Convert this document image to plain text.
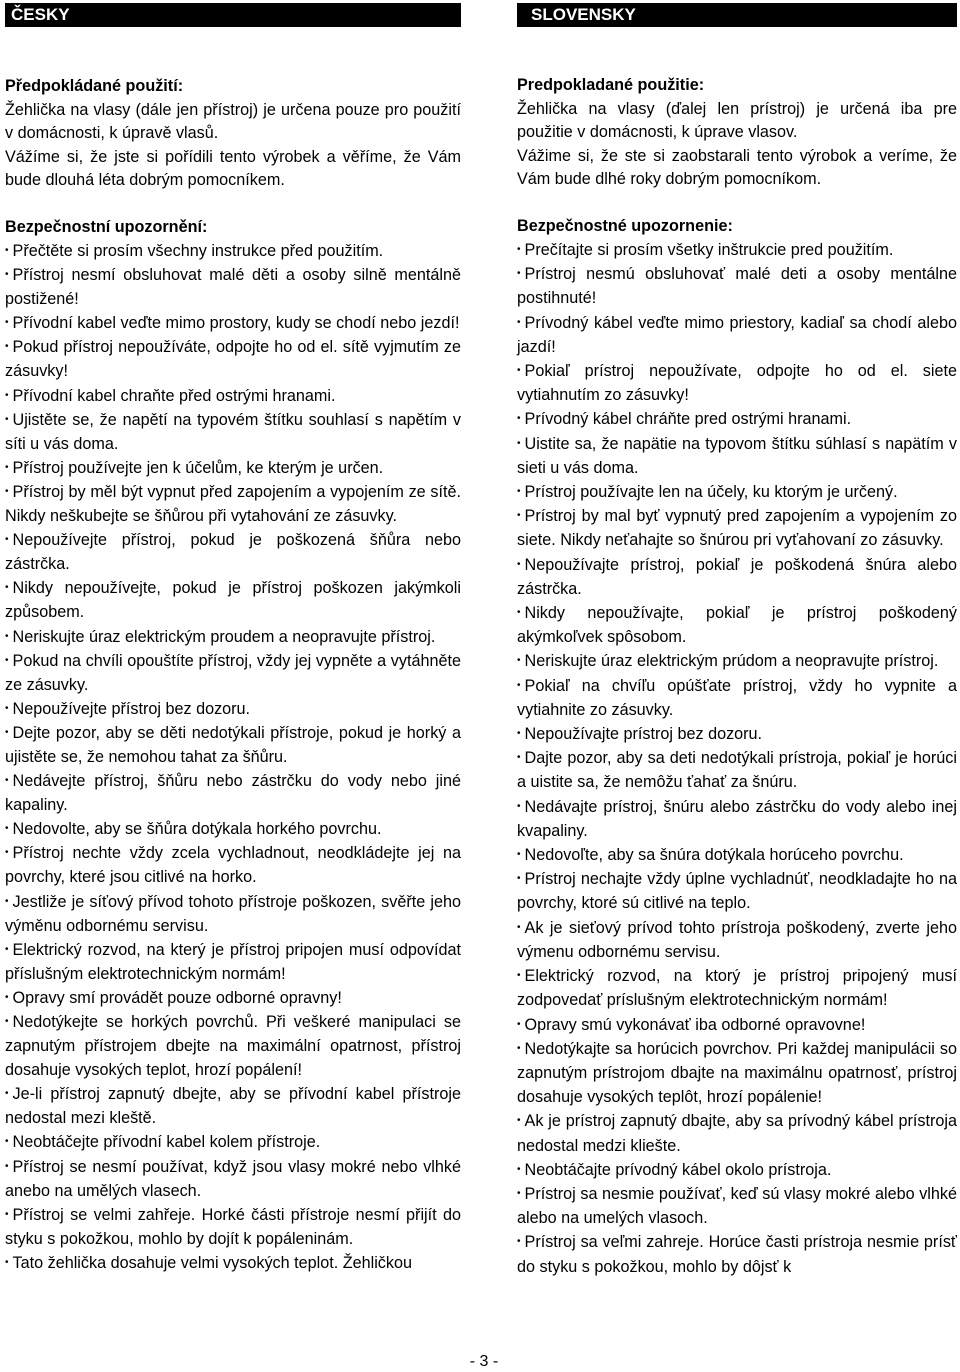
ČESKY
Předpokládané použití:

Žehlička na vlasy (dále jen přístroj) je určena pouze pro použití v domácnosti, k úpravě vlasů.

Vážíme si, že jste si pořídili tento výrobek a věříme, že Vám bude dlouhá léta dobrým pomocníkem.

Bezpečnostní upozornění:
• Přečtěte si prosím všechny instrukce před použitím.
• Přístroj nesmí obsluhovat malé děti a osoby silně mentálně postižené!
• Přívodní kabel veďte mimo prostory, kudy se chodí nebo jezdí!
• Pokud přístroj nepoužíváte, odpojte ho od el. sítě vyjmutím ze zásuvky!
• Přívodní kabel chraňte před ostrými hranami.
• Ujistěte se, že napětí na typovém štítku souhlasí s napětím v síti u vás doma.
• Přístroj používejte jen k účelům, ke kterým je určen.
• Přístroj by měl být vypnut před zapojením a vypojením ze sítě. Nikdy neškubejte se šňůrou při vytahování ze zásuvky.
• Nepoužívejte přístroj, pokud je poškozená šňůra nebo zástrčka.
• Nikdy nepoužívejte, pokud je přístroj poškozen jakýmkoli způsobem.
• Neriskujte úraz elektrickým proudem a neopravujte přístroj.
• Pokud na chvíli opouštíte přístroj, vždy jej vypněte a vytáhněte ze zásuvky.
• Nepoužívejte přístroj bez dozoru.
• Dejte pozor, aby se děti nedotýkali přístroje, pokud je horký a ujistěte se, že nemohou tahat za šňůru.
• Nedávejte přístroj, šňůru nebo zástrčku do vody nebo jiné kapaliny.
• Nedovolte, aby se šňůra dotýkala horkého povrchu.
• Přístroj nechte vždy zcela vychladnout, neodkládejte jej na povrchy, které jsou citlivé na horko.
• Jestliže je síťový přívod tohoto přístroje poškozen, svěřte jeho výměnu odbornému servisu.
• Elektrický rozvod, na který je přístroj pripojen musí odpovídat příslušným elektrotechnickým normám!
• Opravy smí provádět pouze odborné opravny!
• Nedotýkejte se horkých povrchů. Při veškeré manipulaci se zapnutým přístrojem dbejte na maximální opatrnost, přístroj dosahuje vysokých teplot, hrozí popálení!
• Je-li přístroj zapnutý dbejte, aby se přívodní kabel přístroje nedostal mezi kleště.
• Neobtáčejte přívodní kabel kolem přístroje.
• Přístroj se nesmí používat, když jsou vlasy mokré nebo vlhké anebo na umělých vlasech.
• Přístroj se velmi zahřeje. Horké části přístroje nesmí přijít do styku s pokožkou, mohlo by dojít k popáleninám.
• Tato žehlička dosahuje velmi vysokých teplot. Žehličkou
SLOVENSKY
Predpokladané použitie:

Žehlička na vlasy (ďalej len prístroj) je určená iba pre použitie v domácnosti, k úprave vlasov.

Vážime si, že ste si zaobstarali tento výrobok a veríme, že Vám bude dlhé roky dobrým pomocníkom.

Bezpečnostné upozornenie:
• Prečítajte si prosím všetky inštrukcie pred použitím.
• Prístroj nesmú obsluhovať malé deti a osoby mentálne postihnuté!
• Prívodný kábel veďte mimo priestory, kadiaľ sa chodí alebo jazdí!
• Pokiaľ prístroj nepoužívate, odpojte ho od el. siete vytiahnutím zo zásuvky!
• Prívodný kábel chráňte pred ostrými hranami.
• Uistite sa, že napätie na typovom štítku súhlasí s napätím v sieti u vás doma.
• Prístroj používajte len na účely, ku ktorým je určený.
• Prístroj by mal byť vypnutý pred zapojením a vypojením zo siete. Nikdy neťahajte so šnúrou pri vyťahovaní zo zásuvky.
• Nepoužívajte prístroj, pokiaľ je poškodená šnúra alebo zástrčka.
• Nikdy nepoužívajte, pokiaľ je prístroj poškodený akýmkoľvek spôsobom.
• Neriskujte úraz elektrickým prúdom a neopravujte prístroj.
• Pokiaľ na chvíľu opúšťate prístroj, vždy ho vypnite a vytiahnite zo zásuvky.
• Nepoužívajte prístroj bez dozoru.
• Dajte pozor, aby sa deti nedotýkali prístroja, pokiaľ je horúci a uistite sa, že nemôžu ťahať za šnúru.
• Nedávajte prístroj, šnúru alebo zástrčku do vody alebo inej kvapaliny.
• Nedovoľte, aby sa šnúra dotýkala horúceho povrchu.
• Prístroj nechajte vždy úplne vychladnúť, neodkladajte ho na povrchy, ktoré sú citlivé na teplo.
• Ak je sieťový prívod tohto prístroja poškodený, zverte jeho výmenu odbornému servisu.
• Elektrický rozvod, na ktorý je prístroj pripojený musí zodpovedať príslušným elektrotechnickým normám!
• Opravy smú vykonávať iba odborné opravovne!
• Nedotýkajte sa horúcich povrchov. Pri každej manipulácii so zapnutým prístrojom dbajte na maximálnu opatrnosť, prístroj dosahuje vysokých teplôt, hrozí popálenie!
• Ak je prístroj zapnutý dbajte, aby sa prívodný kábel prístroja nedostal medzi kliešte.
• Neobtáčajte prívodný kábel okolo prístroja.
• Prístroj sa nesmie používať, keď sú vlasy mokré alebo vlhké alebo na umelých vlasoch.
• Prístroj sa veľmi zahreje. Horúce časti prístroja nesmie prísť do styku s pokožkou, mohlo by dôjsť k
- 3 -
